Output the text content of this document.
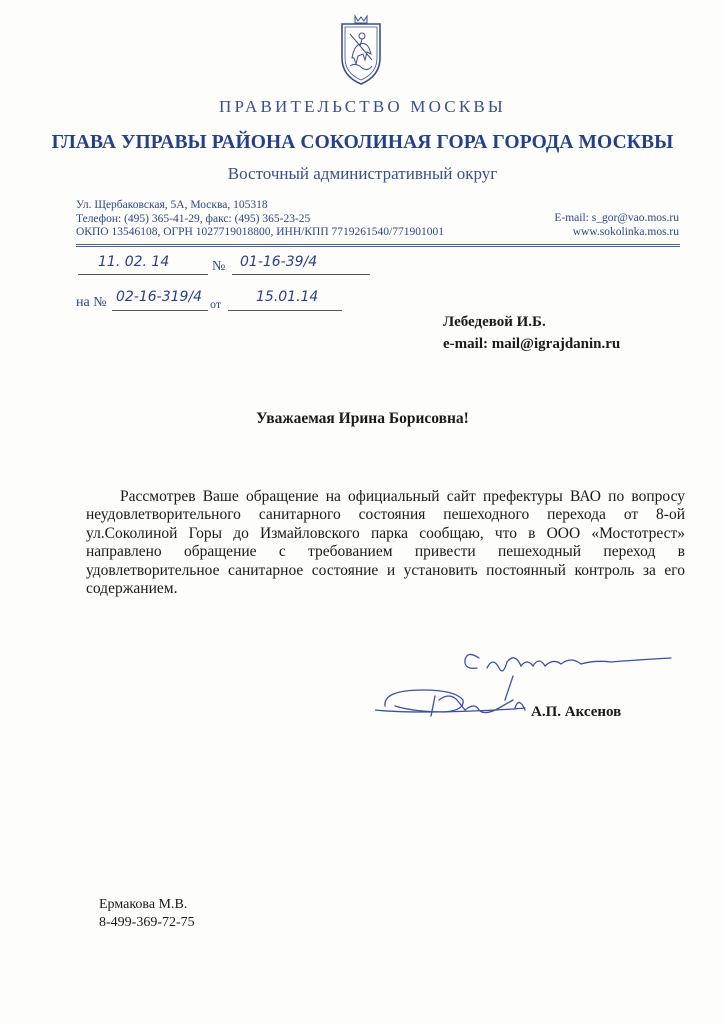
ПРАВИТЕЛЬСТВО МОСКВЫ
ГЛАВА УПРАВЫ РАЙОНА СОКОЛИНАЯ ГОРА ГОРОДА МОСКВЫ
Восточный административный округ
Ул. Щербаковская, 5А, Москва, 105318
Телефон: (495) 365-41-29, факс: (495) 365-23-25
ОКПО 13546108, ОГРН 1027719018800, ИНН/КПП 7719261540/771901001
E-mail: s_gor@vao.mos.ru
www.sokolinka.mos.ru
11. 02. 14	№ 01-16-39/4
на № 02-16-319/4 от 15.01.14
Лебедевой И.Б.
e-mail: mail@igrajdanin.ru
Уважаемая Ирина Борисовна!
Рассмотрев Ваше обращение на официальный сайт префектуры ВАО по вопросу неудовлетворительного санитарного состояния пешеходного перехода от 8-ой ул.Соколиной Горы до Измайловского парка сообщаю, что в ООО «Мостотрест» направлено обращение с требованием привести пешеходный переход в удовлетворительное санитарное состояние и установить постоянный контроль за его содержанием.
А.П. Аксенов
Ермакова М.В.
8-499-369-72-75
